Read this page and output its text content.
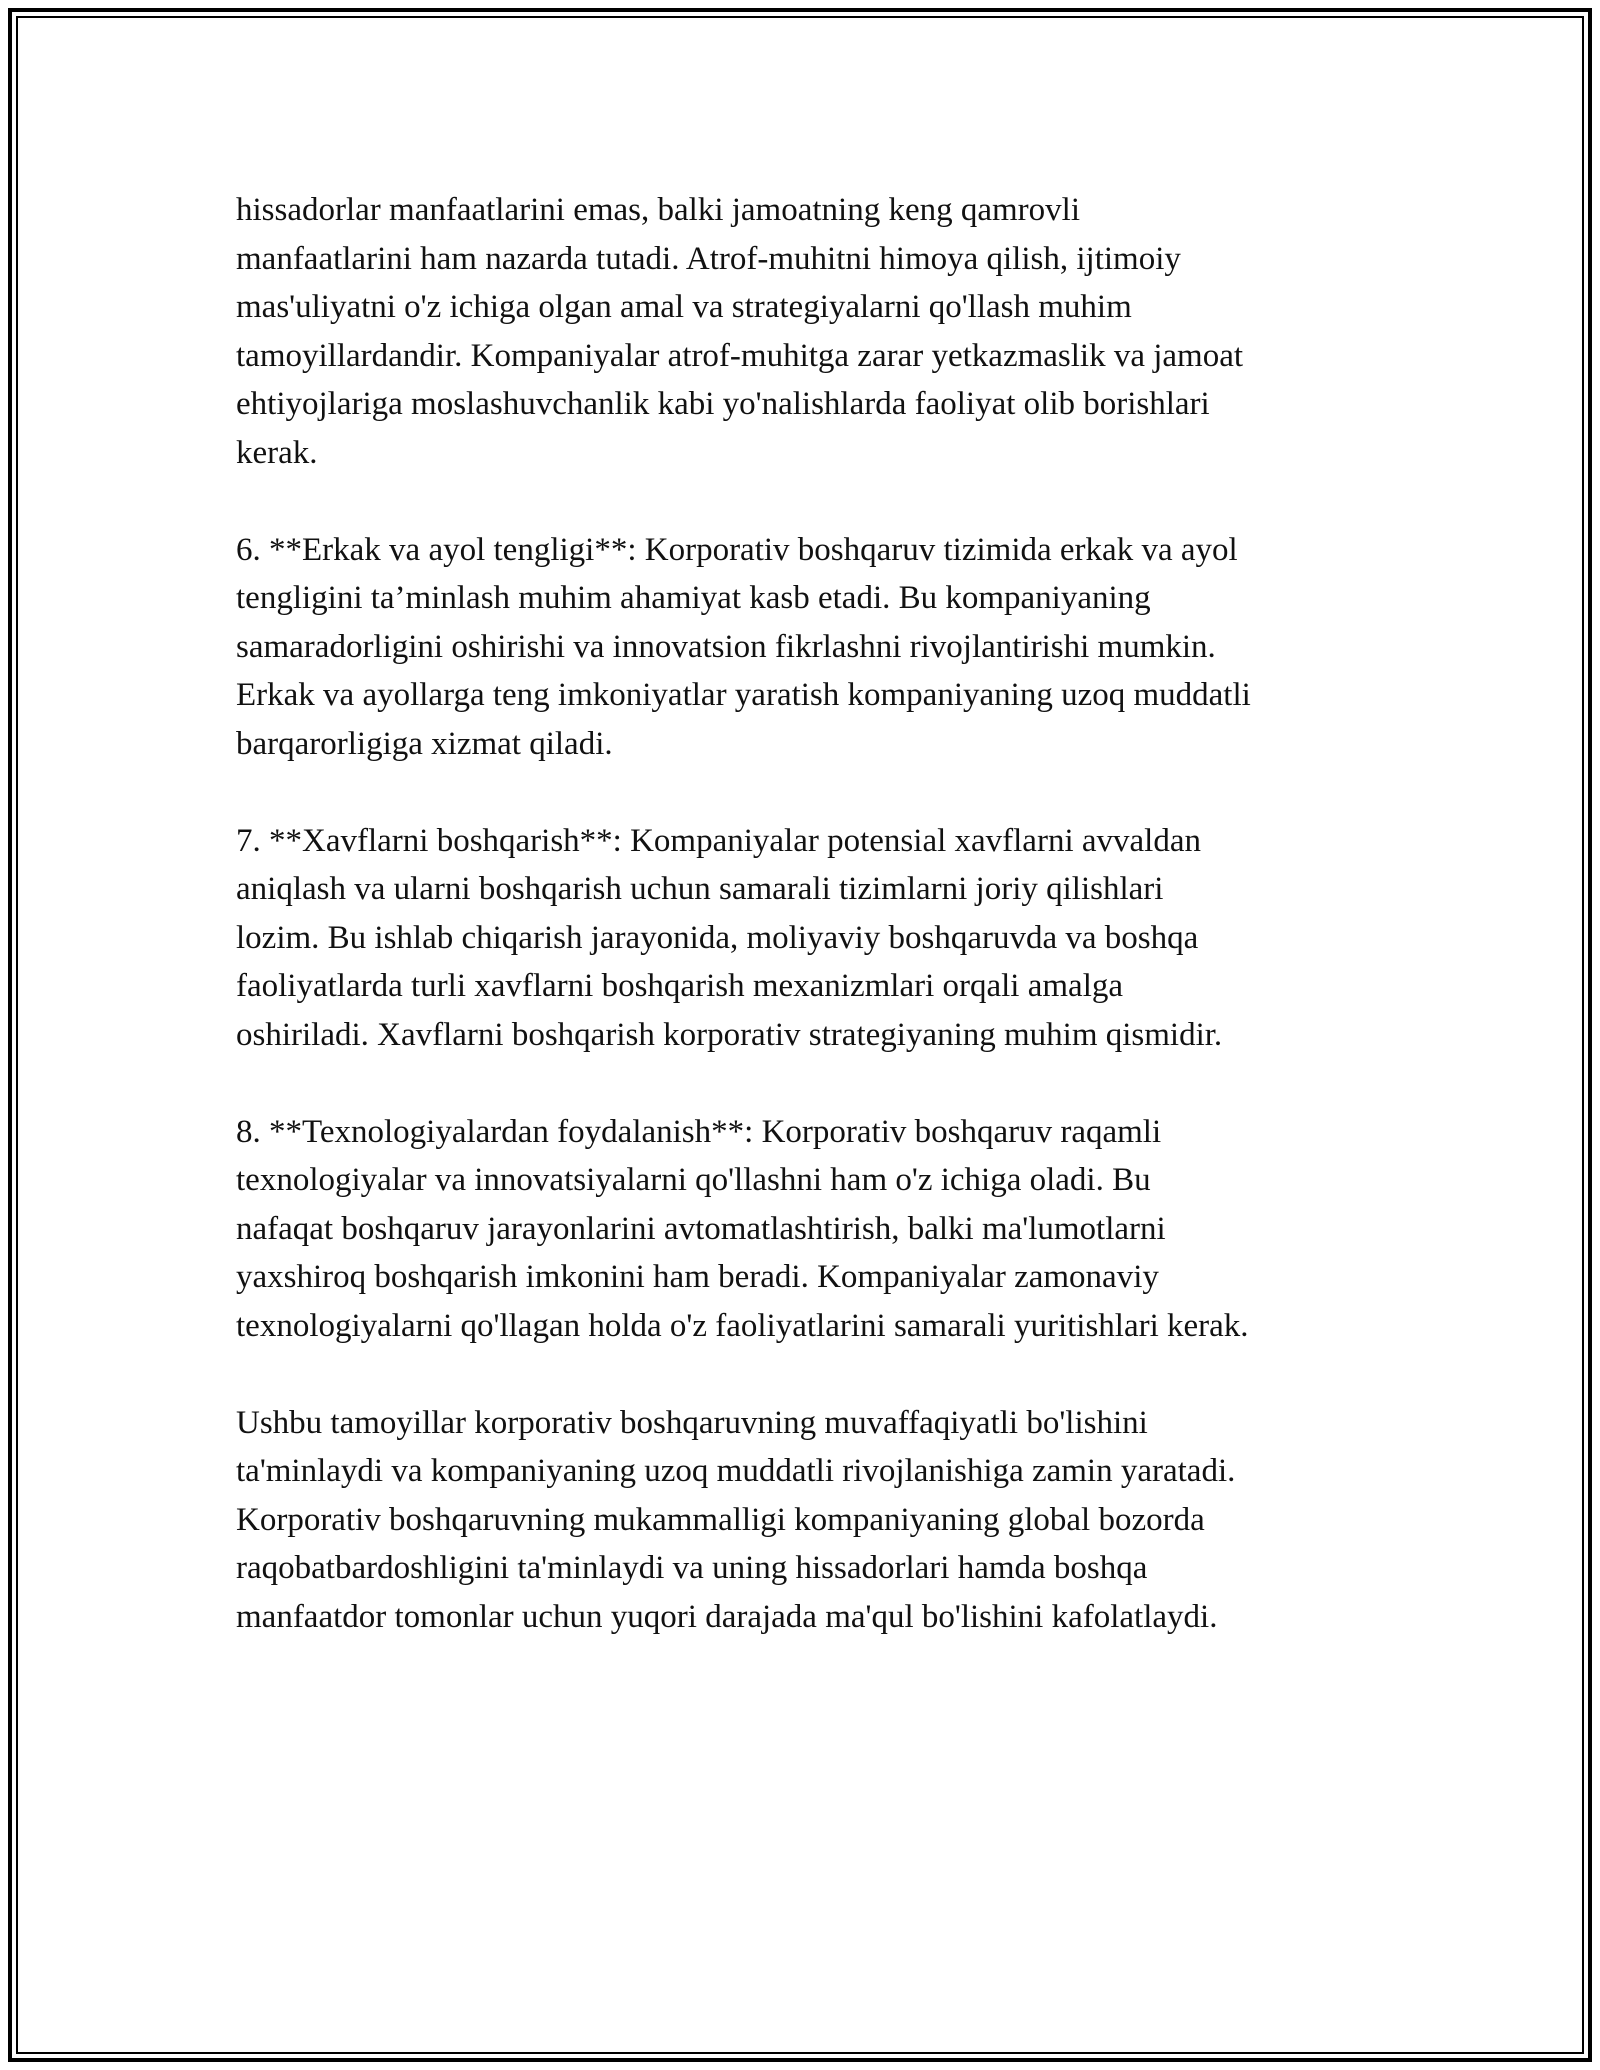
hissadorlar manfaatlarini emas, balki jamoatning keng qamrovli
manfaatlarini ham nazarda tutadi. Atrof-muhitni himoya qilish, ijtimoiy
mas'uliyatni o'z ichiga olgan amal va strategiyalarni qo'llash muhim
tamoyillardandir. Kompaniyalar atrof-muhitga zarar yetkazmaslik va jamoat
ehtiyojlariga moslashuvchanlik kabi yo'nalishlarda faoliyat olib borishlari
kerak.
6. **Erkak va ayol tengligi**: Korporativ boshqaruv tizimida erkak va ayol
tengligini ta’minlash muhim ahamiyat kasb etadi. Bu kompaniyaning
samaradorligini oshirishi va innovatsion fikrlashni rivojlantirishi mumkin.
Erkak va ayollarga teng imkoniyatlar yaratish kompaniyaning uzoq muddatli
barqarorligiga xizmat qiladi.
7. **Xavflarni boshqarish**: Kompaniyalar potensial xavflarni avvaldan
aniqlash va ularni boshqarish uchun samarali tizimlarni joriy qilishlari
lozim. Bu ishlab chiqarish jarayonida, moliyaviy boshqaruvda va boshqa
faoliyatlarda turli xavflarni boshqarish mexanizmlari orqali amalga
oshiriladi. Xavflarni boshqarish korporativ strategiyaning muhim qismidir.
8. **Texnologiyalardan foydalanish**: Korporativ boshqaruv raqamli
texnologiyalar va innovatsiyalarni qo'llashni ham o'z ichiga oladi. Bu
nafaqat boshqaruv jarayonlarini avtomatlashtirish, balki ma'lumotlarni
yaxshiroq boshqarish imkonini ham beradi. Kompaniyalar zamonaviy
texnologiyalarni qo'llagan holda o'z faoliyatlarini samarali yuritishlari kerak.
Ushbu tamoyillar korporativ boshqaruvning muvaffaqiyatli bo'lishini
ta'minlaydi va kompaniyaning uzoq muddatli rivojlanishiga zamin yaratadi.
Korporativ boshqaruvning mukammalligi kompaniyaning global bozorda
raqobatbardoshligini ta'minlaydi va uning hissadorlari hamda boshqa
manfaatdor tomonlar uchun yuqori darajada ma'qul bo'lishini kafolatlaydi.
